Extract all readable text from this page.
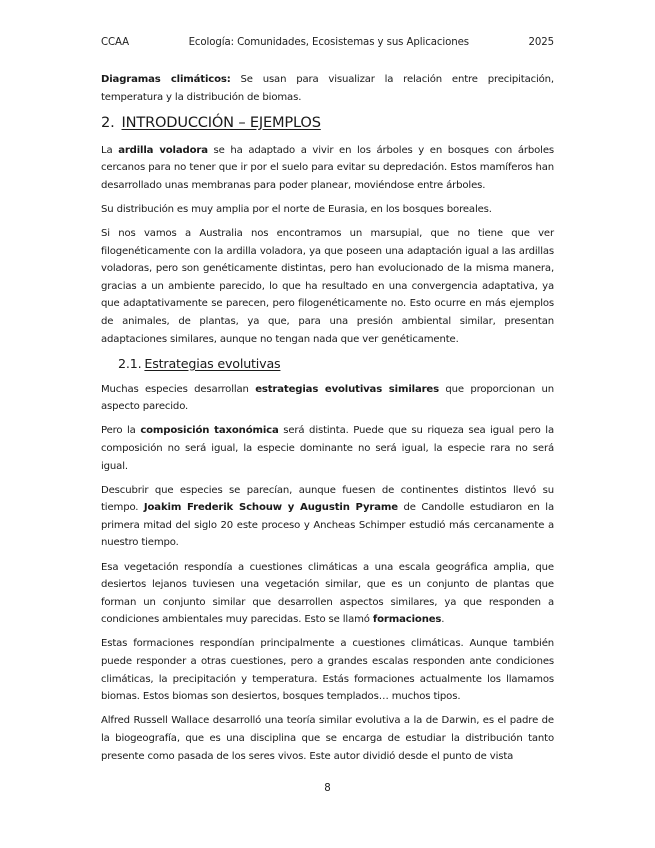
CCAA	Ecología: Comunidades, Ecosistemas y sus Aplicaciones	2025

Diagramas climáticos: Se usan para visualizar la relación entre precipitación, temperatura y la distribución de biomas.

2. INTRODUCCIÓN – EJEMPLOS

La ardilla voladora se ha adaptado a vivir en los árboles y en bosques con árboles cercanos para no tener que ir por el suelo para evitar su depredación. Estos mamíferos han desarrollado unas membranas para poder planear, moviéndose entre árboles.

Su distribución es muy amplia por el norte de Eurasia, en los bosques boreales.

Si nos vamos a Australia nos encontramos un marsupial, que no tiene que ver filogenéticamente con la ardilla voladora, ya que poseen una adaptación igual a las ardillas voladoras, pero son genéticamente distintas, pero han evolucionado de la misma manera, gracias a un ambiente parecido, lo que ha resultado en una convergencia adaptativa, ya que adaptativamente se parecen, pero filogenéticamente no. Esto ocurre en más ejemplos de animales, de plantas, ya que, para una presión ambiental similar, presentan adaptaciones similares, aunque no tengan nada que ver genéticamente.

2.1. Estrategias evolutivas

Muchas especies desarrollan estrategias evolutivas similares que proporcionan un aspecto parecido.

Pero la composición taxonómica será distinta. Puede que su riqueza sea igual pero la composición no será igual, la especie dominante no será igual, la especie rara no será igual.

Descubrir que especies se parecían, aunque fuesen de continentes distintos llevó su tiempo. Joakim Frederik Schouw y Augustin Pyrame de Candolle estudiaron en la primera mitad del siglo 20 este proceso y Ancheas Schimper estudió más cercanamente a nuestro tiempo.

Esa vegetación respondía a cuestiones climáticas a una escala geográfica amplia, que desiertos lejanos tuviesen una vegetación similar, que es un conjunto de plantas que forman un conjunto similar que desarrollen aspectos similares, ya que responden a condiciones ambientales muy parecidas. Esto se llamó formaciones.

Estas formaciones respondían principalmente a cuestiones climáticas. Aunque también puede responder a otras cuestiones, pero a grandes escalas responden ante condiciones climáticas, la precipitación y temperatura. Estás formaciones actualmente los llamamos biomas. Estos biomas son desiertos, bosques templados… muchos tipos.

Alfred Russell Wallace desarrolló una teoría similar evolutiva a la de Darwin, es el padre de la biogeografía, que es una disciplina que se encarga de estudiar la distribución tanto presente como pasada de los seres vivos. Este autor dividió desde el punto de vista

8
